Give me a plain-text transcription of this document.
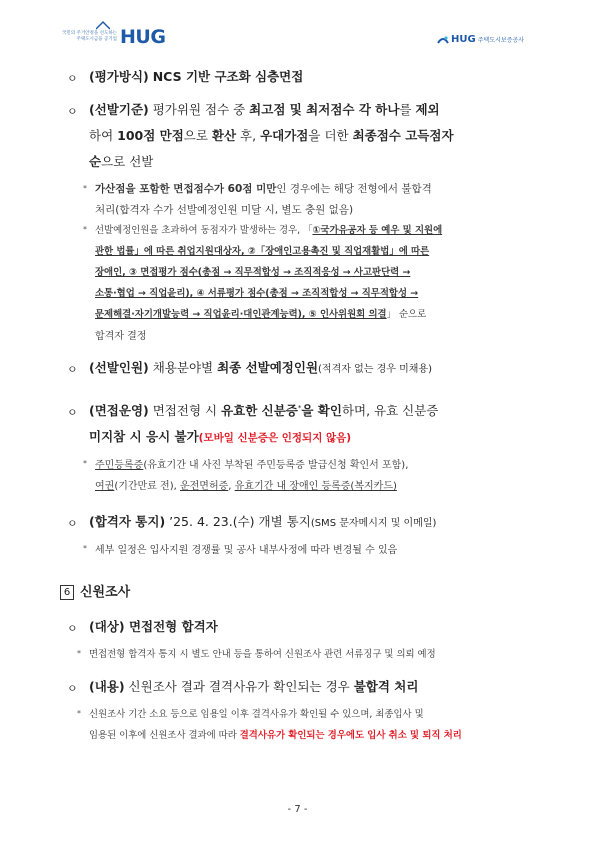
국민의 주거안정을 선도하는
주택도시금융 공기업 HUG	HUG 주택도시보증공사
ㅇ (평가방식) NCS 기반 구조화 심층면접
ㅇ (선발기준) 평가위원 점수 중 최고점 및 최저점수 각 하나를 제외
하여 100점 만점으로 환산 후, 우대가점을 더한 최종점수 고득점자
순으로 선발
* 가산점을 포함한 면접점수가 60점 미만인 경우에는 해당 전형에서 불합격
처리(합격자 수가 선발예정인원 미달 시, 별도 충원 없음)
* 선발예정인원을 초과하여 동점자가 발생하는 경우, 「①국가유공자 등 예우 및 지원에
관한 법률」에 따른 취업지원대상자, ②「장애인고용촉진 및 직업재활법」에 따른
장애인, ③ 면접평가 점수(총점 → 직무적합성 → 조직적응성 → 사고판단력 →
소통·협업 → 직업윤리), ④ 서류평가 점수(총점 → 조직적합성 → 직무적합성 →
문제해결·자기개발능력 → 직업윤리·대인관계능력), ⑤ 인사위원회 의결」 순으로
합격자 결정
ㅇ (선발인원) 채용분야별 최종 선발예정인원(적격자 없는 경우 미채용)
ㅇ (면접운영) 면접전형 시 유효한 신분증*을 확인하며, 유효 신분증
미지참 시 응시 불가(모바일 신분증은 인정되지 않음)
* 주민등록증(유효기간 내 사진 부착된 주민등록증 발급신청 확인서 포함),
여권(기간만료 전), 운전면허증, 유효기간 내 장애인 등록증(복지카드)
ㅇ (합격자 통지) ’25. 4. 23.(수) 개별 통지(SMS 문자메시지 및 이메일)
* 세부 일정은 입사지원 경쟁률 및 공사 내부사정에 따라 변경될 수 있음
6 신원조사
ㅇ (대상) 면접전형 합격자
* 면접전형 합격자 통지 시 별도 안내 등을 통하여 신원조사 관련 서류징구 및 의뢰 예정
ㅇ (내용) 신원조사 결과 결격사유가 확인되는 경우 불합격 처리
* 신원조사 기간 소요 등으로 임용일 이후 결격사유가 확인될 수 있으며, 최종입사 및
임용된 이후에 신원조사 결과에 따라 결격사유가 확인되는 경우에도 입사 취소 및 퇴직 처리
- 7 -
